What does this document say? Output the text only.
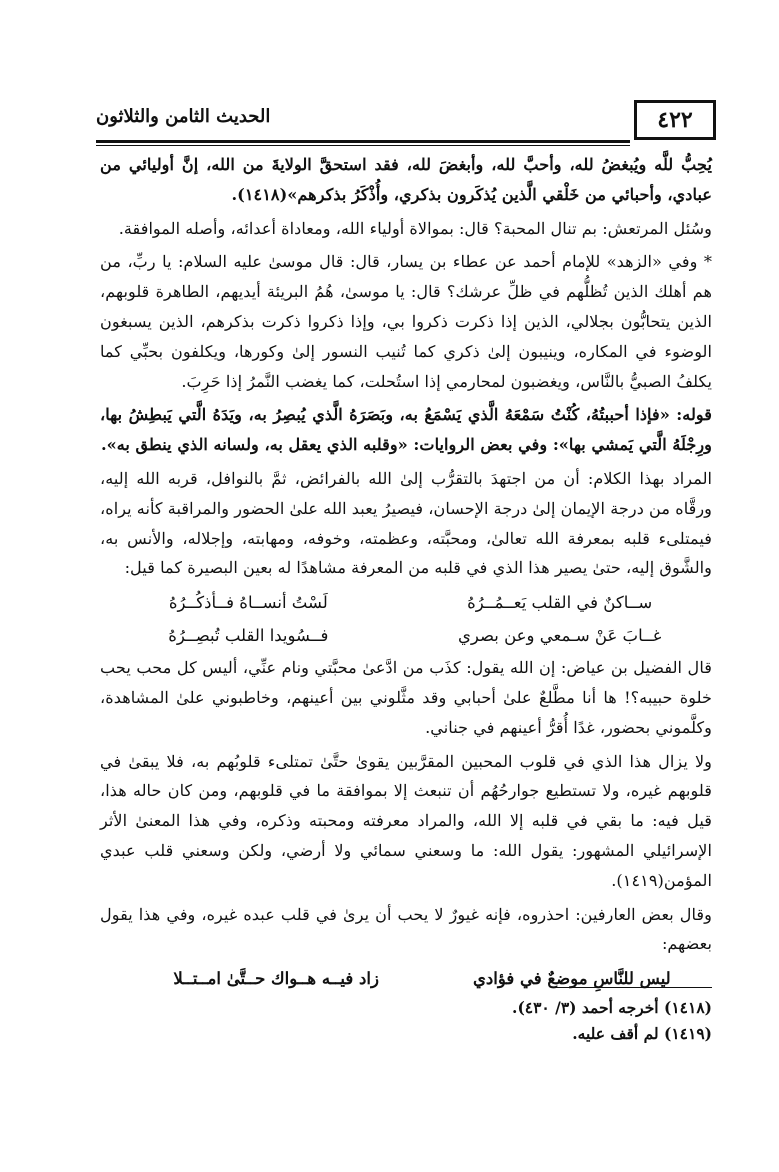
الحديث الثامن والثلاثون	٤٢٢

يُحِبُّ للَّه ويُبغضُ لله، وأحبَّ لله، وأبغضَ لله، فقد استحقَّ الولايةَ من الله، إنَّ أوليائي من عبادي، وأحبائي من خَلْقي الَّذين يُذكَرون بذكري، وأُذْكَرُ بذكرهم»(١٤١٨).

وسُئل المرتعش: بم تنال المحبة؟ قال: بموالاة أولياء الله، ومعاداة أعدائه، وأصله الموافقة.

* وفي «الزهد» للإمام أحمد عن عطاء بن يسار، قال: قال موسىٰ عليه السلام: يا ربِّ، من هم أهلك الذين تُظلُّهم في ظلِّ عرشك؟ قال: يا موسىٰ، هُمُ البريئة أيديهم، الطاهرة قلوبهم، الذين يتحابُّون بجلالي، الذين إذا ذكرت ذكروا بي، وإذا ذكروا ذكرت بذكرهم، الذين يسبغون الوضوء في المكاره، وينيبون إلىٰ ذكري كما تُنيب النسور إلىٰ وكورها، ويكلفون بحبِّي كما يكلفُ الصبيُّ بالنَّاس، ويغضبون لمحارمي إذا استُحلت، كما يغضب النَّمرُ إذا حَرِبَ.

قوله: «فإذا أحببتُهُ، كُنْتُ سَمْعَهُ الَّذي يَسْمَعُ به، وبَصَرَهُ الَّذي يُبصِرُ به، ويَدَهُ الَّتي يَبطِشُ بها، ورِجْلَهُ الَّتي يَمشي بها»: وفي بعض الروايات: «وقلبه الذي يعقل به، ولسانه الذي ينطق به».

المراد بهذا الكلام: أن من اجتهدَ بالتقرُّب إلىٰ الله بالفرائض، ثمَّ بالنوافل، قربه الله إليه، ورقَّاه من درجة الإيمان إلىٰ درجة الإحسان، فيصيرُ يعبد الله علىٰ الحضور والمراقبة كأنه يراه، فيمتلىء قلبه بمعرفة الله تعالىٰ، ومحبَّته، وعظمته، وخوفه، ومهابته، وإجلاله، والأنس به، والشَّوق إليه، حتىٰ يصير هذا الذي في قلبه من المعرفة مشاهدًا له بعين البصيرة كما قيل:

ســاكنٌ في القلب يَعــمُــرُهُ
لَسْتُ أنســاهُ فــأذكُــرُهُ
غــابَ عَنْ سـمعي وعن بصري
فــسُويدا القلب تُبصِــرُهُ

قال الفضيل بن عياض: إن الله يقول: كذَب من ادَّعىٰ محبَّتي ونام عنِّي، أليس كل محب يحب خلوة حبيبه؟! ها أنا مطَّلعٌ علىٰ أحبابي وقد مثَّلوني بين أعينهم، وخاطبوني علىٰ المشاهدة، وكلَّموني بحضور، غدًا أُقرُّ أعينهم في جناني.

ولا يزال هذا الذي في قلوب المحبين المقرَّبين يقوىٰ حتَّىٰ تمتلىء قلوبُهم به، فلا يبقىٰ في قلوبهم غيره، ولا تستطيع جوارحُهُم أن تنبعث إلا بموافقة ما في قلوبهم، ومن كان حاله هذا، قيل فيه: ما بقي في قلبه إلا الله، والمراد معرفته ومحبته وذكره، وفي هذا المعنىٰ الأثر الإسرائيلي المشهور: يقول الله: ما وسعني سمائي ولا أرضي، ولكن وسعني قلب عبدي المؤمن(١٤١٩).

وقال بعض العارفين: احذروه، فإنه غيورٌ لا يحب أن يرىٰ في قلب عبده غيره، وفي هذا يقول بعضهم:

ليس للنَّاسِ موضعٌ في فؤادي
زاد فيــه هــواك حــتَّىٰ امــتــلا
(١٤١٨) أخرجه أحمد (٣/ ٤٣٠).
(١٤١٩) لم أقف عليه.
